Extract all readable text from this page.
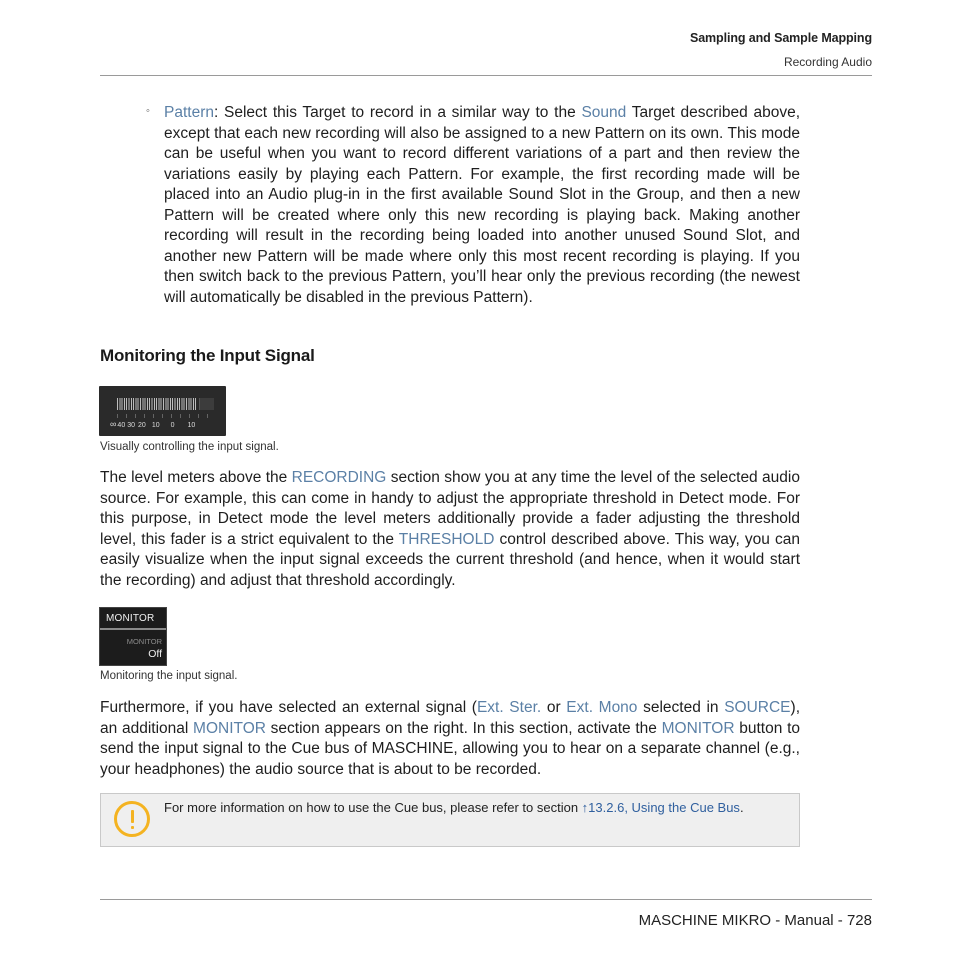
Sampling and Sample Mapping
Recording Audio
◦ Pattern: Select this Target to record in a similar way to the Sound Target described above, except that each new recording will also be assigned to a new Pattern on its own. This mode can be useful when you want to record different variations of a part and then review the variations easily by playing each Pattern. For example, the first recording made will be placed into an Audio plug-in in the first available Sound Slot in the Group, and then a new Pattern will be created where only this new recording is playing back. Making another recording will result in the recording being loaded into another unused Sound Slot, and another new Pattern will be made where only this most recent recording is playing. If you then switch back to the previous Pattern, you’ll hear only the previous recording (the newest will automatically be disabled in the previous Pattern).
Monitoring the Input Signal
∞40 30 20 10 0 10
Visually controlling the input signal.
The level meters above the RECORDING section show you at any time the level of the selected audio source. For example, this can come in handy to adjust the appropriate threshold in Detect mode. For this purpose, in Detect mode the level meters additionally provide a fader adjusting the threshold level, this fader is a strict equivalent to the THRESHOLD control described above. This way, you can easily visualize when the input signal exceeds the current threshold (and hence, when it would start the recording) and adjust that threshold accordingly.
MONITOR
MONITOR
Off
Monitoring the input signal.
Furthermore, if you have selected an external signal (Ext. Ster. or Ext. Mono selected in SOURCE), an additional MONITOR section appears on the right. In this section, activate the MONITOR button to send the input signal to the Cue bus of MASCHINE, allowing you to hear on a separate channel (e.g., your headphones) the audio source that is about to be recorded.
For more information on how to use the Cue bus, please refer to section ↑13.2.6, Using the Cue Bus.
MASCHINE MIKRO - Manual - 728
